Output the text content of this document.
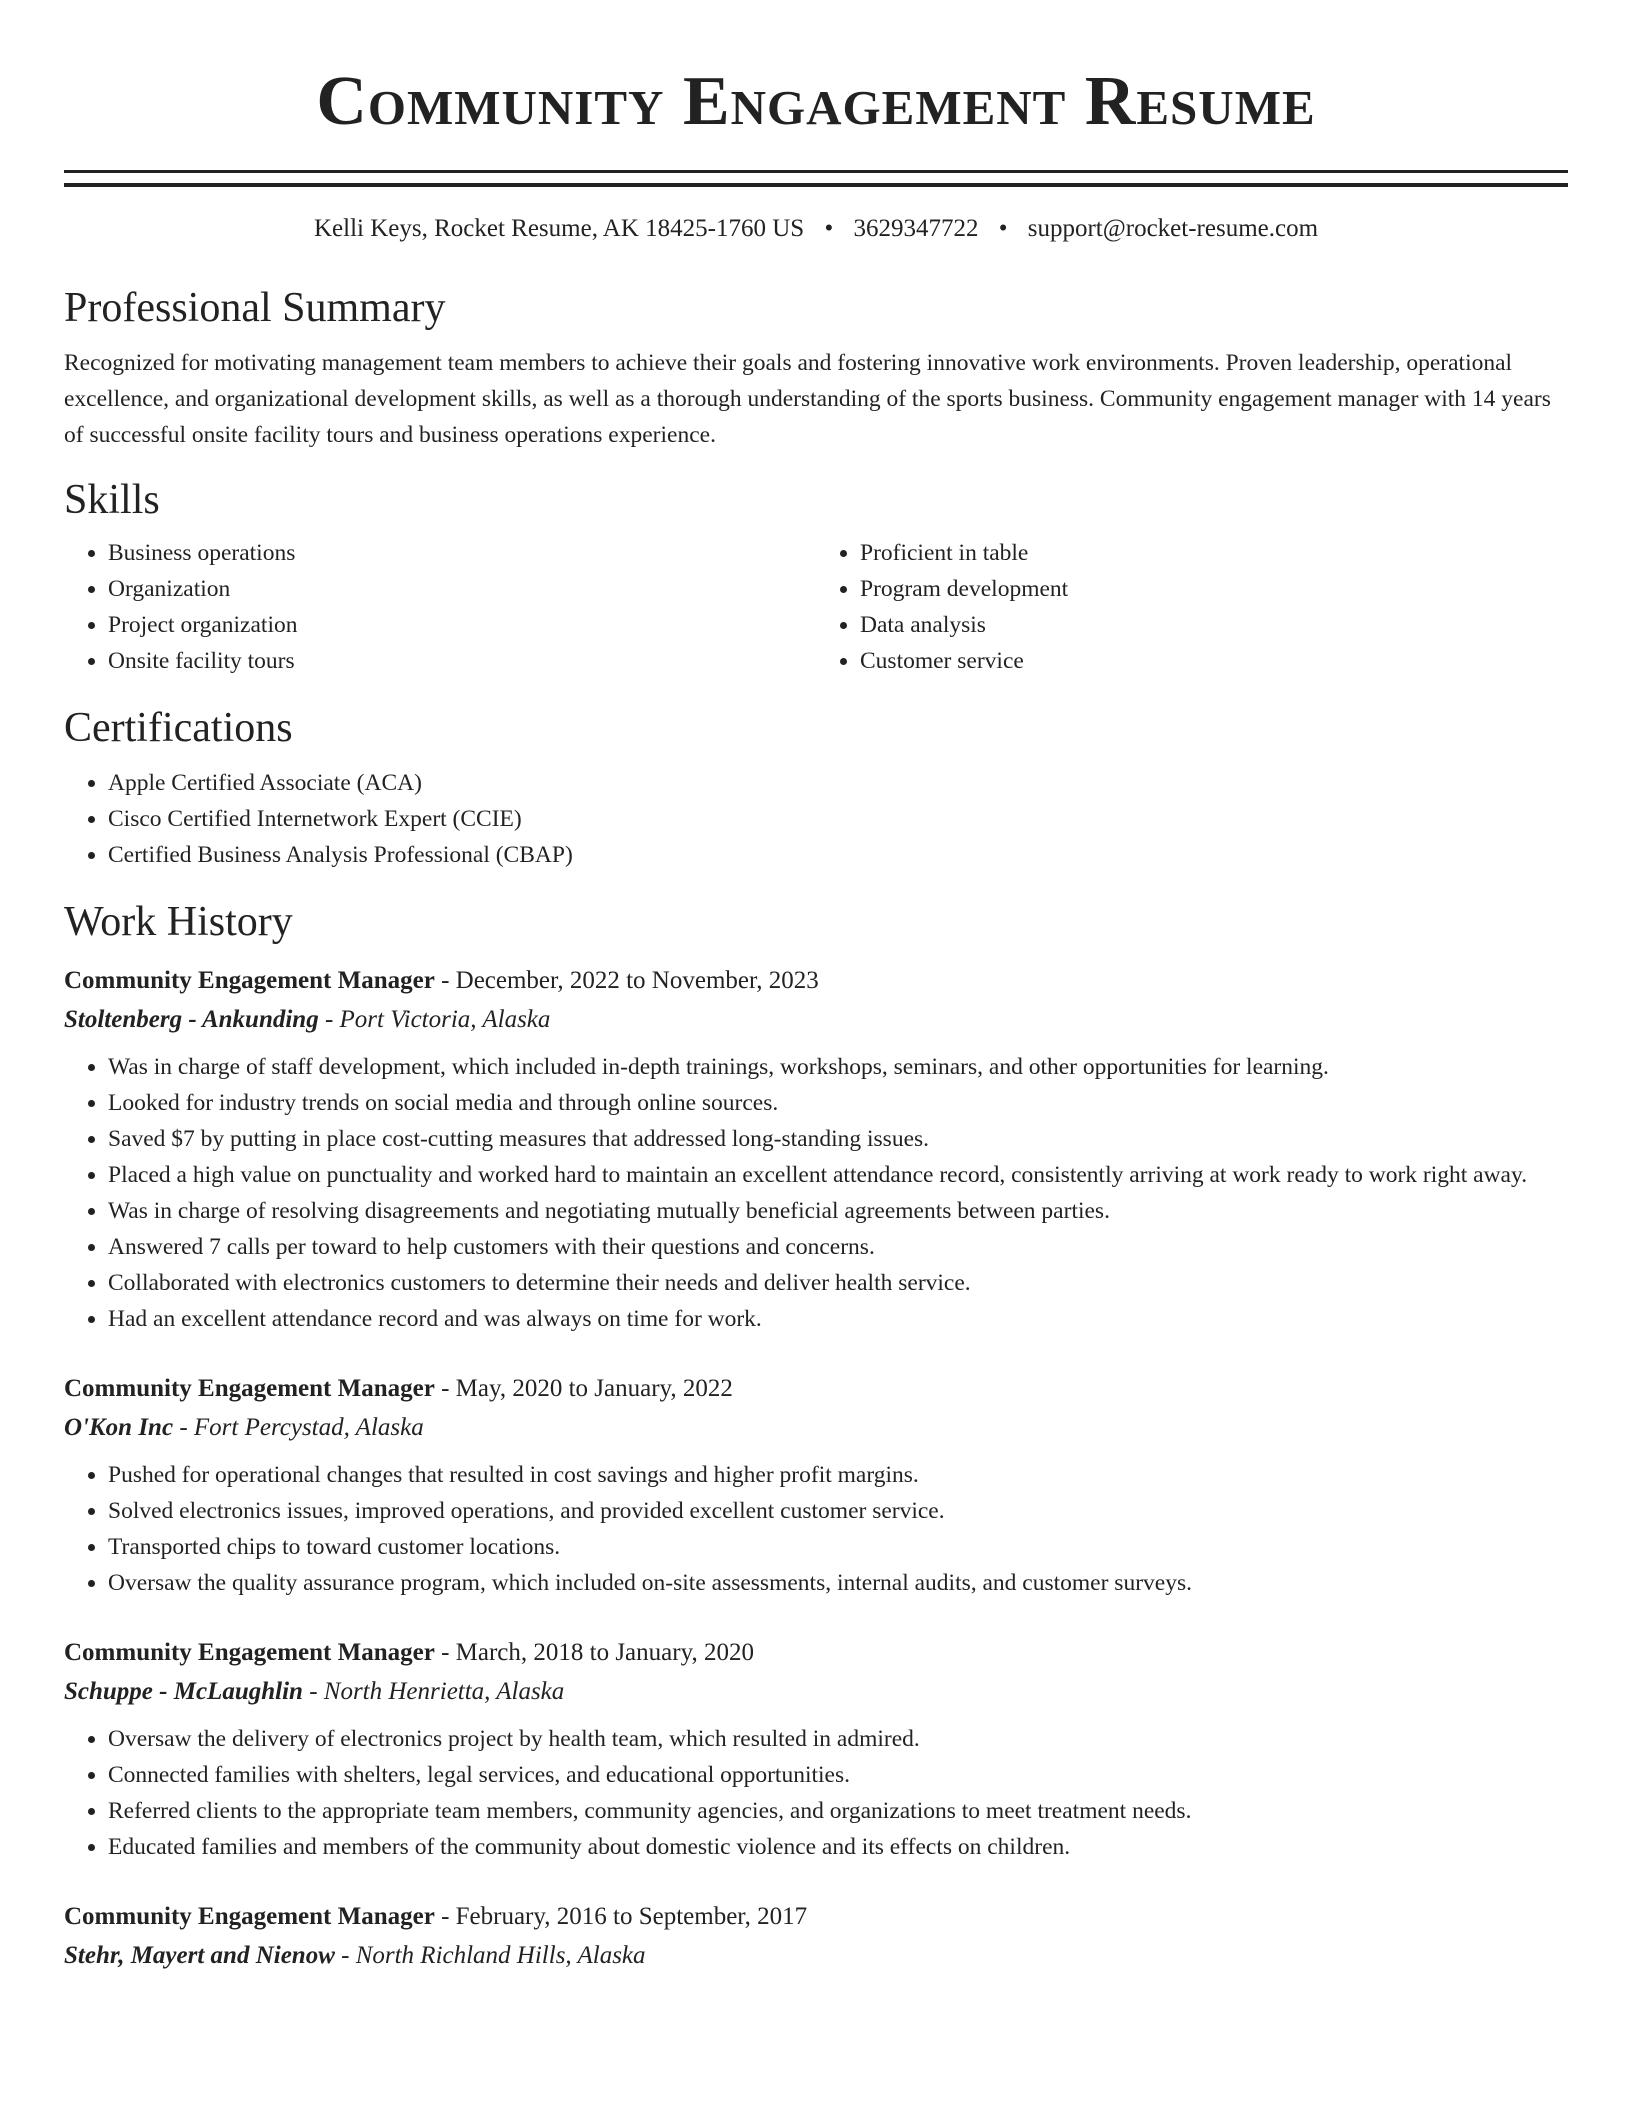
Community Engagement Resume
Kelli Keys, Rocket Resume, AK 18425-1760 US • 3629347722 • support@rocket-resume.com
Professional Summary
Recognized for motivating management team members to achieve their goals and fostering innovative work environments. Proven leadership, operational excellence, and organizational development skills, as well as a thorough understanding of the sports business. Community engagement manager with 14 years of successful onsite facility tours and business operations experience.
Skills
• Business operations
• Organization
• Project organization
• Onsite facility tours
• Proficient in table
• Program development
• Data analysis
• Customer service
Certifications
• Apple Certified Associate (ACA)
• Cisco Certified Internetwork Expert (CCIE)
• Certified Business Analysis Professional (CBAP)
Work History
Community Engagement Manager - December, 2022 to November, 2023
Stoltenberg - Ankunding - Port Victoria, Alaska
• Was in charge of staff development, which included in-depth trainings, workshops, seminars, and other opportunities for learning.
• Looked for industry trends on social media and through online sources.
• Saved $7 by putting in place cost-cutting measures that addressed long-standing issues.
• Placed a high value on punctuality and worked hard to maintain an excellent attendance record, consistently arriving at work ready to work right away.
• Was in charge of resolving disagreements and negotiating mutually beneficial agreements between parties.
• Answered 7 calls per toward to help customers with their questions and concerns.
• Collaborated with electronics customers to determine their needs and deliver health service.
• Had an excellent attendance record and was always on time for work.
Community Engagement Manager - May, 2020 to January, 2022
O'Kon Inc - Fort Percystad, Alaska
• Pushed for operational changes that resulted in cost savings and higher profit margins.
• Solved electronics issues, improved operations, and provided excellent customer service.
• Transported chips to toward customer locations.
• Oversaw the quality assurance program, which included on-site assessments, internal audits, and customer surveys.
Community Engagement Manager - March, 2018 to January, 2020
Schuppe - McLaughlin - North Henrietta, Alaska
• Oversaw the delivery of electronics project by health team, which resulted in admired.
• Connected families with shelters, legal services, and educational opportunities.
• Referred clients to the appropriate team members, community agencies, and organizations to meet treatment needs.
• Educated families and members of the community about domestic violence and its effects on children.
Community Engagement Manager - February, 2016 to September, 2017
Stehr, Mayert and Nienow - North Richland Hills, Alaska
